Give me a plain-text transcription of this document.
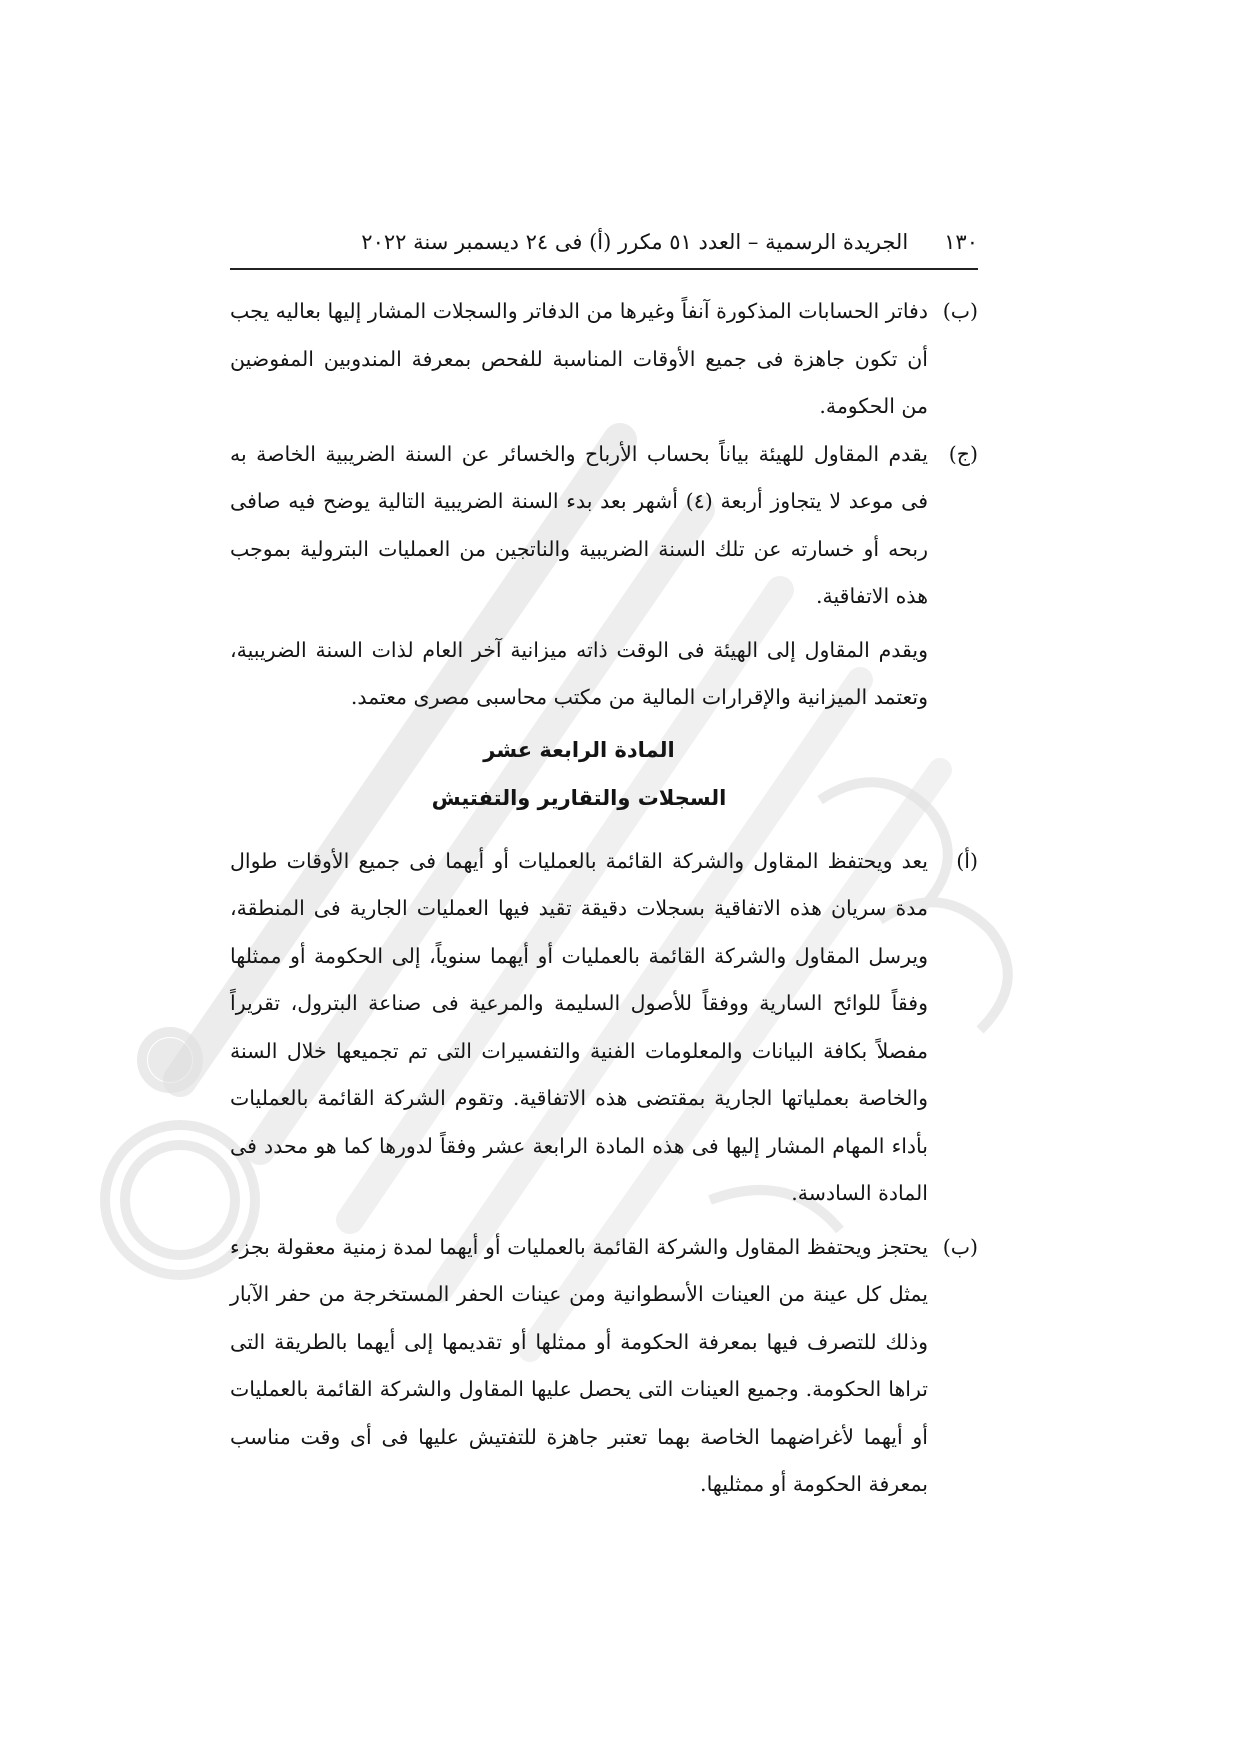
١٣٠
الجريدة الرسمية – العدد ٥١ مكرر (أ) فى ٢٤ ديسمبر سنة ٢٠٢٢
(ب)
دفاتر الحسابات المذكورة آنفاً وغيرها من الدفاتر والسجلات المشار إليها بعاليه يجب أن تكون جاهزة فى جميع الأوقات المناسبة للفحص بمعرفة المندوبين المفوضين من الحكومة.
(ج)
يقدم المقاول للهيئة بياناً بحساب الأرباح والخسائر عن السنة الضريبية الخاصة به فى موعد لا يتجاوز أربعة (٤) أشهر بعد بدء السنة الضريبية التالية يوضح فيه صافى ربحه أو خسارته عن تلك السنة الضريبية والناتجين من العمليات البترولية بموجب هذه الاتفاقية.
ويقدم المقاول إلى الهيئة فى الوقت ذاته ميزانية آخر العام لذات السنة الضريبية، وتعتمد الميزانية والإقرارات المالية من مكتب محاسبى مصرى معتمد.
المادة الرابعة عشر
السجلات والتقارير والتفتيش
(أ)
يعد ويحتفظ المقاول والشركة القائمة بالعمليات أو أيهما فى جميع الأوقات طوال مدة سريان هذه الاتفاقية بسجلات دقيقة تقيد فيها العمليات الجارية فى المنطقة، ويرسل المقاول والشركة القائمة بالعمليات أو أيهما سنوياً، إلى الحكومة أو ممثلها وفقاً للوائح السارية ووفقاً للأصول السليمة والمرعية فى صناعة البترول، تقريراً مفصلاً بكافة البيانات والمعلومات الفنية والتفسيرات التى تم تجميعها خلال السنة والخاصة بعملياتها الجارية بمقتضى هذه الاتفاقية. وتقوم الشركة القائمة بالعمليات بأداء المهام المشار إليها فى هذه المادة الرابعة عشر وفقاً لدورها كما هو محدد فى المادة السادسة.
(ب)
يحتجز ويحتفظ المقاول والشركة القائمة بالعمليات أو أيهما لمدة زمنية معقولة بجزء يمثل كل عينة من العينات الأسطوانية ومن عينات الحفر المستخرجة من حفر الآبار وذلك للتصرف فيها بمعرفة الحكومة أو ممثلها أو تقديمها إلى أيهما بالطريقة التى تراها الحكومة. وجميع العينات التى يحصل عليها المقاول والشركة القائمة بالعمليات أو أيهما لأغراضهما الخاصة بهما تعتبر جاهزة للتفتيش عليها فى أى وقت مناسب بمعرفة الحكومة أو ممثليها.
